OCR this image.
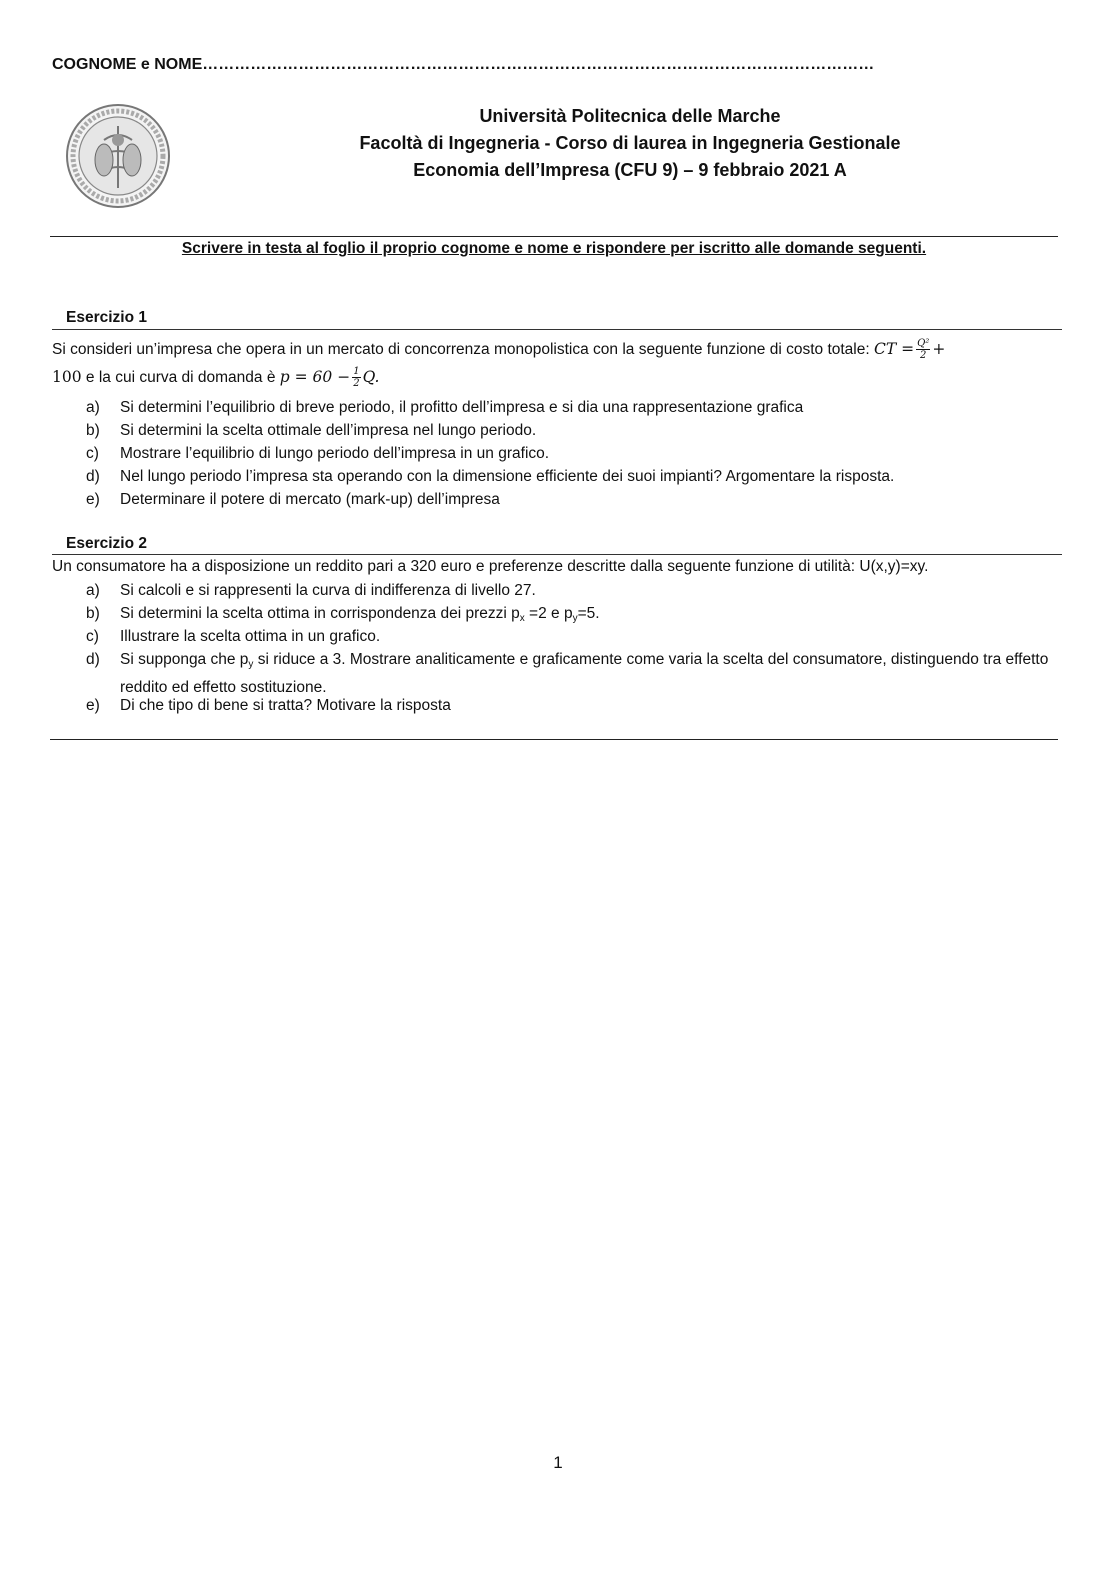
COGNOME e NOME………………………………………………………………………………………………………………
Università Politecnica delle Marche
Facoltà di Ingegneria - Corso di laurea in Ingegneria Gestionale
Economia dell’Impresa (CFU 9) – 9 febbraio 2021 A
Scrivere in testa al foglio il proprio cognome e nome e rispondere per iscritto alle domande seguenti.
Esercizio 1
Si consideri un’impresa che opera in un mercato di concorrenza monopolistica con la seguente funzione di costo totale: CT = $\frac{\text{Q²}}{2}$ +
100 e la cui curva di domanda è $p = 60 - \frac{1}{2} Q$.
a) Si determini l’equilibrio di breve periodo, il profitto dell’impresa e si dia una rappresentazione grafica
b) Si determini la scelta ottimale dell’impresa nel lungo periodo.
c) Mostrare l’equilibrio di lungo periodo dell’impresa in un grafico.
d) Nel lungo periodo l’impresa sta operando con la dimensione efficiente dei suoi impianti? Argomentare la risposta.
e) Determinare il potere di mercato (mark-up) dell’impresa
Esercizio 2
Un consumatore ha a disposizione un reddito pari a 320 euro e preferenze descritte dalla seguente funzione di utilità: U(x,y)=xy.
a) Si calcoli e si rappresenti la curva di indifferenza di livello 27.
b) Si determini la scelta ottima in corrispondenza dei prezzi $p_x =2$ e $p_y=5$.
c) Illustrare la scelta ottima in un grafico.
d) Si supponga che $p_y$ si riduce a 3. Mostrare analiticamente e graficamente come varia la scelta del consumatore, distinguendo tra effetto reddito ed effetto sostituzione.
e) Di che tipo di bene si tratta? Motivare la risposta
1
